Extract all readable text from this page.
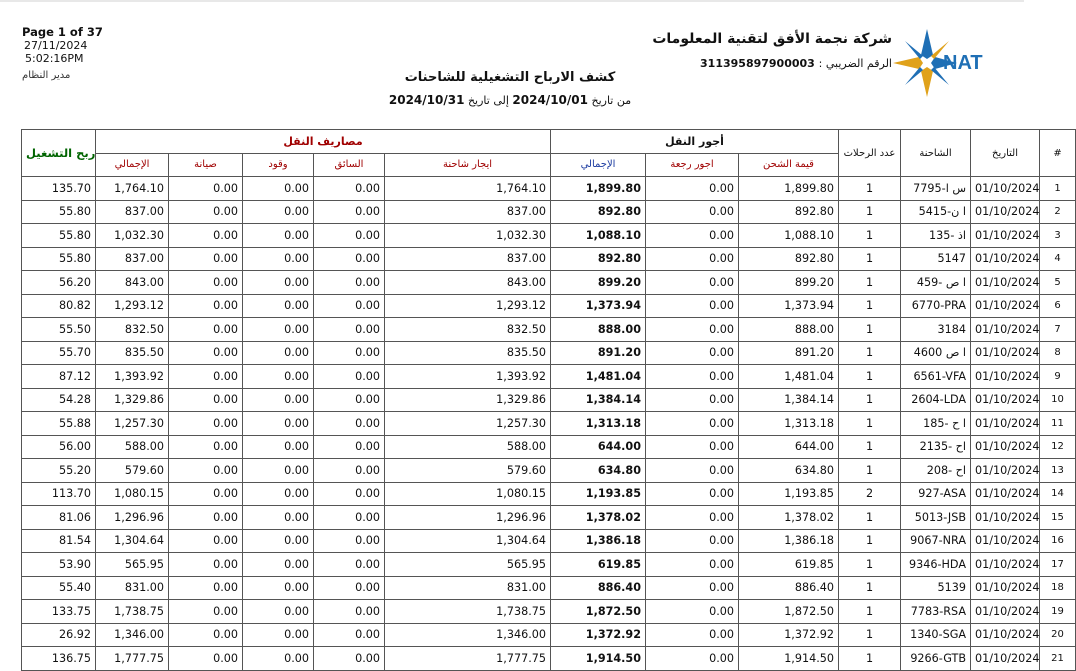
Page 1 of 37
27/11/2024
5:02:16PM
مدير النظام
شركة نجمة الأفق لتقنية المعلومات
الرقم الضريبي : 311395897900003	NAT
كشف الارباح التشغيلية للشاحنات
من تاريخ 2024/10/01 إلى تاريخ 2024/10/31
ربح التشغيل	مصاريف النقل					أجور النقل			عدد الرحلات	الشاحنة	التاريخ	#
	الإجمالي	صيانة	وقود	السائق	ايجار شاحنة	الإجمالي	اجور رجعة	قيمة الشحن				
135.70	1,764.10	0.00	0.00	0.00	1,764.10	1,899.80	0.00	1,899.80	1	7795-س ا	01/10/2024	1
55.80	837.00	0.00	0.00	0.00	837.00	892.80	0.00	892.80	1	5415-ا ن	01/10/2024	2
55.80	1,032.30	0.00	0.00	0.00	1,032.30	1,088.10	0.00	1,088.10	1	135- اذ	01/10/2024	3
55.80	837.00	0.00	0.00	0.00	837.00	892.80	0.00	892.80	1	5147	01/10/2024	4
56.20	843.00	0.00	0.00	0.00	843.00	899.20	0.00	899.20	1	459- ا ص	01/10/2024	5
80.82	1,293.12	0.00	0.00	0.00	1,293.12	1,373.94	0.00	1,373.94	1	6770-PRA	01/10/2024	6
55.50	832.50	0.00	0.00	0.00	832.50	888.00	0.00	888.00	1	3184	01/10/2024	7
55.70	835.50	0.00	0.00	0.00	835.50	891.20	0.00	891.20	1	4600 ا ص	01/10/2024	8
87.12	1,393.92	0.00	0.00	0.00	1,393.92	1,481.04	0.00	1,481.04	1	6561-VFA	01/10/2024	9
54.28	1,329.86	0.00	0.00	0.00	1,329.86	1,384.14	0.00	1,384.14	1	2604-LDA	01/10/2024	10
55.88	1,257.30	0.00	0.00	0.00	1,257.30	1,313.18	0.00	1,313.18	1	185- ا ح	01/10/2024	11
56.00	588.00	0.00	0.00	0.00	588.00	644.00	0.00	644.00	1	2135- اح	01/10/2024	12
55.20	579.60	0.00	0.00	0.00	579.60	634.80	0.00	634.80	1	208- اح	01/10/2024	13
113.70	1,080.15	0.00	0.00	0.00	1,080.15	1,193.85	0.00	1,193.85	2	927-ASA	01/10/2024	14
81.06	1,296.96	0.00	0.00	0.00	1,296.96	1,378.02	0.00	1,378.02	1	5013-JSB	01/10/2024	15
81.54	1,304.64	0.00	0.00	0.00	1,304.64	1,386.18	0.00	1,386.18	1	9067-NRA	01/10/2024	16
53.90	565.95	0.00	0.00	0.00	565.95	619.85	0.00	619.85	1	9346-HDA	01/10/2024	17
55.40	831.00	0.00	0.00	0.00	831.00	886.40	0.00	886.40	1	5139	01/10/2024	18
133.75	1,738.75	0.00	0.00	0.00	1,738.75	1,872.50	0.00	1,872.50	1	7783-RSA	01/10/2024	19
26.92	1,346.00	0.00	0.00	0.00	1,346.00	1,372.92	0.00	1,372.92	1	1340-SGA	01/10/2024	20
136.75	1,777.75	0.00	0.00	0.00	1,777.75	1,914.50	0.00	1,914.50	1	9266-GTB	01/10/2024	21
